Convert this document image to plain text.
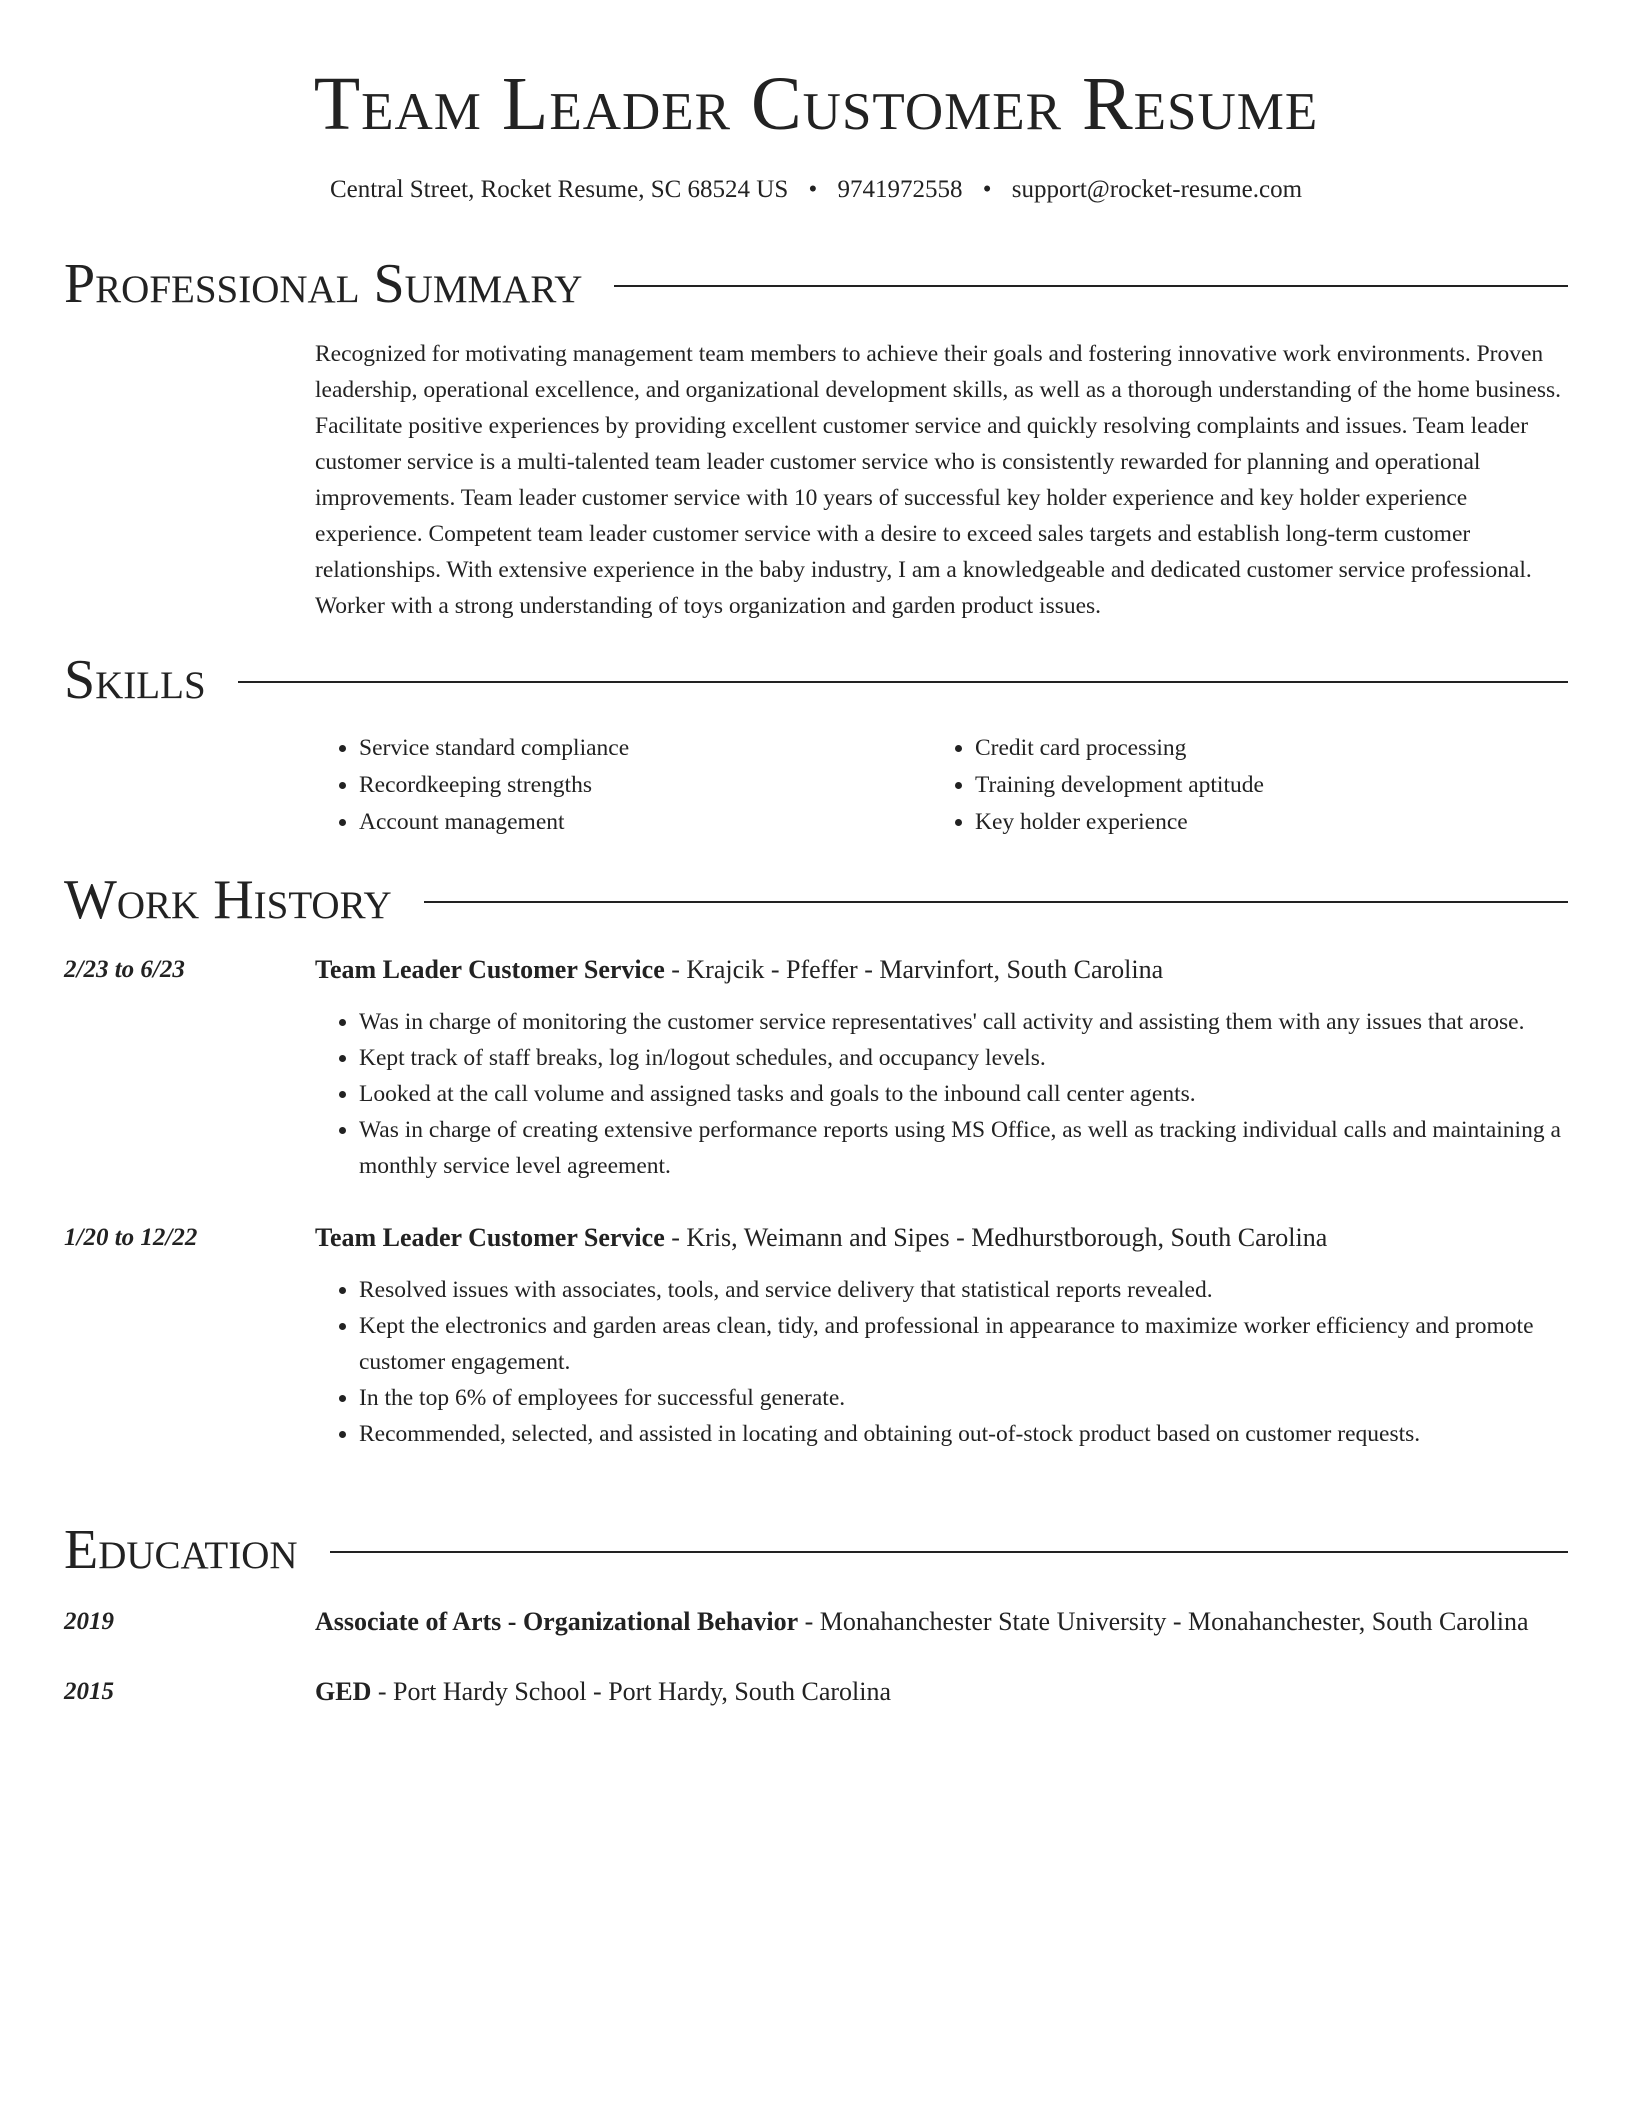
Team Leader Customer Resume
Central Street, Rocket Resume, SC 68524 US • 9741972558 • support@rocket-resume.com
Professional Summary

Recognized for motivating management team members to achieve their goals and fostering innovative work environments. Proven leadership, operational excellence, and organizational development skills, as well as a thorough understanding of the home business. Facilitate positive experiences by providing excellent customer service and quickly resolving complaints and issues. Team leader customer service is a multi-talented team leader customer service who is consistently rewarded for planning and operational improvements. Team leader customer service with 10 years of successful key holder experience and key holder experience experience. Competent team leader customer service with a desire to exceed sales targets and establish long-term customer relationships. With extensive experience in the baby industry, I am a knowledgeable and dedicated customer service professional. Worker with a strong understanding of toys organization and garden product issues.

Skills
• Service standard compliance
• Recordkeeping strengths
• Account management
• Credit card processing
• Training development aptitude
• Key holder experience
Work History
2/23 to 6/23	Team Leader Customer Service - Krajcik - Pfeffer - Marvinfort, South Carolina
• Was in charge of monitoring the customer service representatives' call activity and assisting them with any issues that arose.
• Kept track of staff breaks, log in/logout schedules, and occupancy levels.
• Looked at the call volume and assigned tasks and goals to the inbound call center agents.
• Was in charge of creating extensive performance reports using MS Office, as well as tracking individual calls and maintaining a monthly service level agreement.
1/20 to 12/22	Team Leader Customer Service - Kris, Weimann and Sipes - Medhurstborough, South Carolina
• Resolved issues with associates, tools, and service delivery that statistical reports revealed.
• Kept the electronics and garden areas clean, tidy, and professional in appearance to maximize worker efficiency and promote customer engagement.
• In the top 6% of employees for successful generate.
• Recommended, selected, and assisted in locating and obtaining out-of-stock product based on customer requests.
Education
2019	Associate of Arts - Organizational Behavior - Monahanchester State University - Monahanchester, South Carolina
2015	GED - Port Hardy School - Port Hardy, South Carolina
